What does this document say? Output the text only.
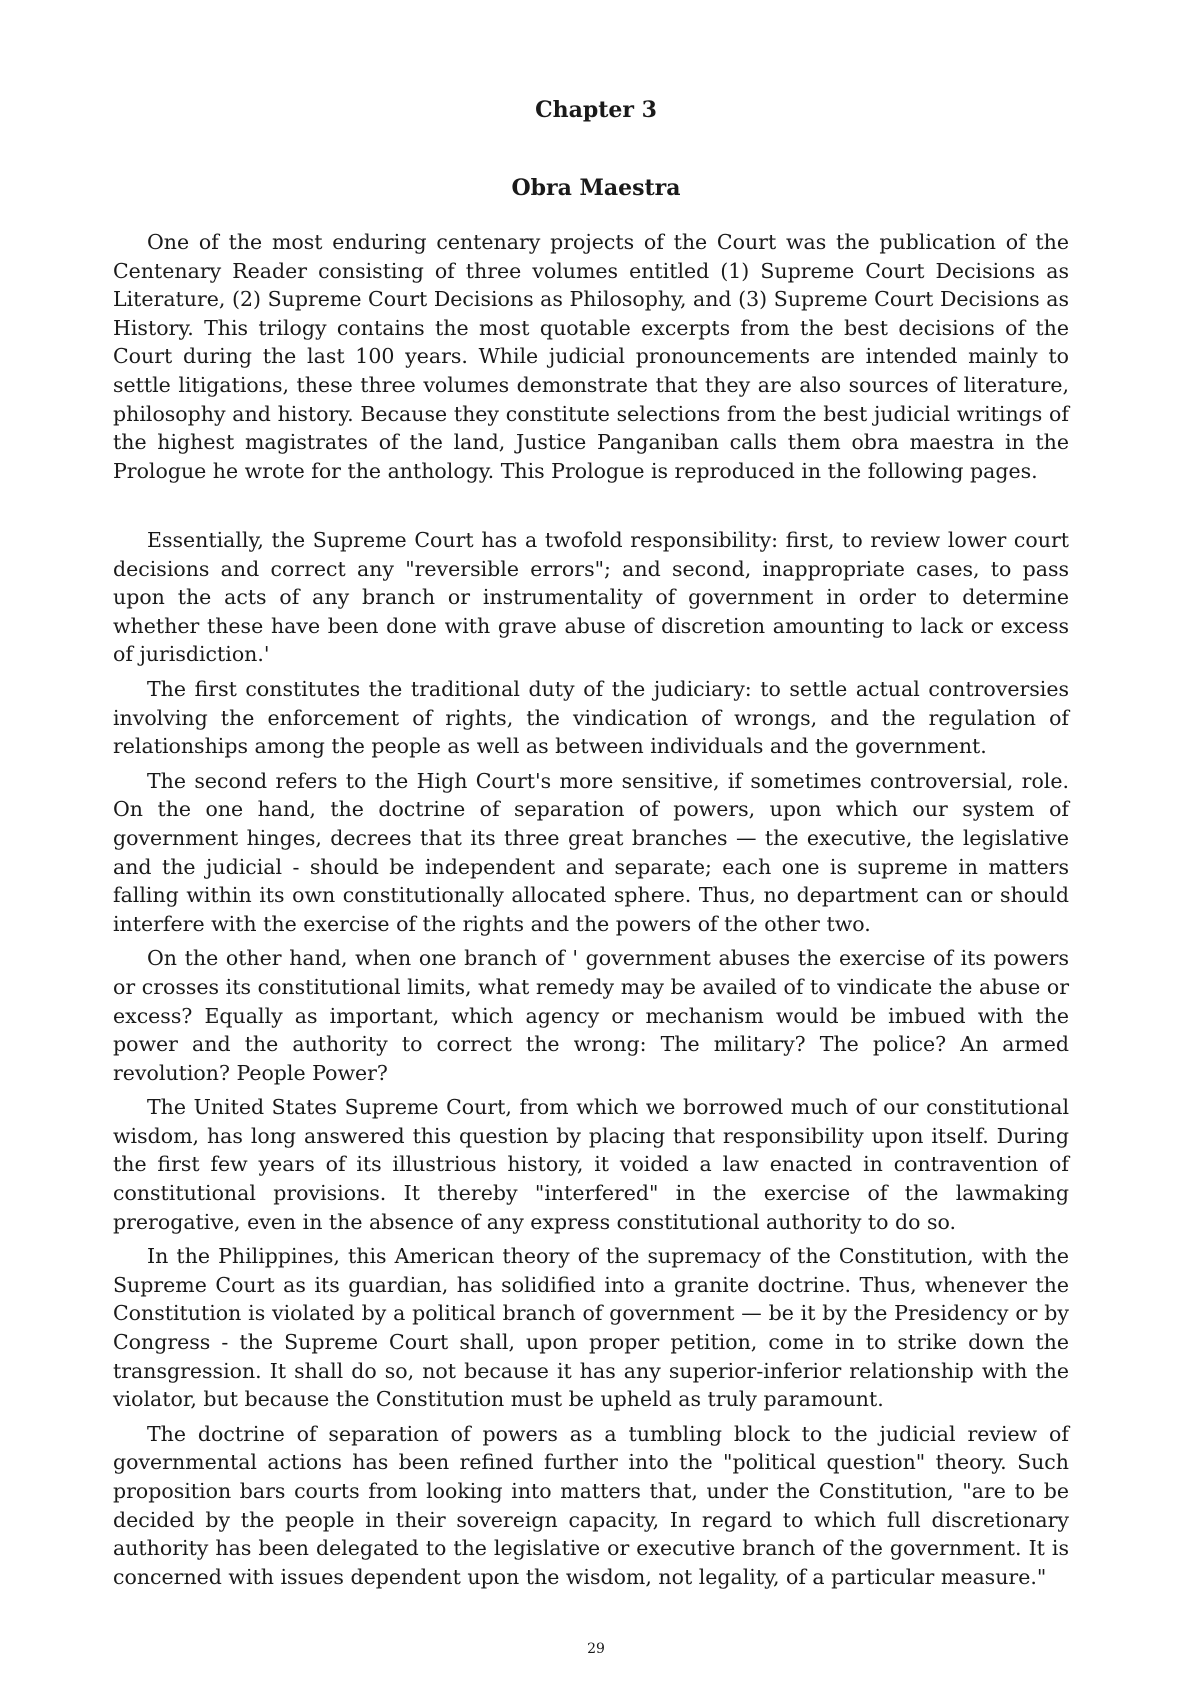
Chapter 3
Obra Maestra

One of the most enduring centenary projects of the Court was the publication of the Centenary Reader consisting of three volumes entitled (1) Supreme Court Decisions as Literature, (2) Supreme Court Decisions as Philosophy, and (3) Supreme Court Decisions as History. This trilogy contains the most quotable excerpts from the best decisions of the Court during the last 100 years. While judicial pronouncements are intended mainly to settle litigations, these three volumes demonstrate that they are also sources of literature, philosophy and history. Because they constitute selections from the best judicial writings of the highest magistrates of the land, Justice Panganiban calls them obra maestra in the Prologue he wrote for the anthology. This Prologue is reproduced in the following pages.

Essentially, the Supreme Court has a twofold responsibility: first, to review lower court decisions and correct any "reversible errors"; and second, inappropriate cases, to pass upon the acts of any branch or instrumentality of government in order to determine whether these have been done with grave abuse of discretion amounting to lack or excess of jurisdiction.'

The first constitutes the traditional duty of the judiciary: to settle actual controversies involving the enforcement of rights, the vindication of wrongs, and the regulation of relationships among the people as well as between individuals and the government.

The second refers to the High Court's more sensitive, if sometimes controversial, role. On the one hand, the doctrine of separation of powers, upon which our system of government hinges, decrees that its three great branches — the executive, the legislative and the judicial - should be independent and separate; each one is supreme in matters falling within its own constitutionally allocated sphere. Thus, no department can or should interfere with the exercise of the rights and the powers of the other two.

On the other hand, when one branch of ' government abuses the exercise of its powers or crosses its constitutional limits, what remedy may be availed of to vindicate the abuse or excess? Equally as important, which agency or mechanism would be imbued with the power and the authority to correct the wrong: The military? The police? An armed revolution? People Power?

The United States Supreme Court, from which we borrowed much of our constitutional wisdom, has long answered this question by placing that responsibility upon itself. During the first few years of its illustrious history, it voided a law enacted in contravention of constitutional provisions. It thereby "interfered" in the exercise of the lawmaking prerogative, even in the absence of any express constitutional authority to do so.

In the Philippines, this American theory of the supremacy of the Constitution, with the Supreme Court as its guardian, has solidified into a granite doctrine. Thus, whenever the Constitution is violated by a political branch of government — be it by the Presidency or by Congress - the Supreme Court shall, upon proper petition, come in to strike down the transgression. It shall do so, not because it has any superior-inferior relationship with the violator, but because the Constitution must be upheld as truly paramount.

The doctrine of separation of powers as a tumbling block to the judicial review of governmental actions has been refined further into the "political question" theory. Such proposition bars courts from looking into matters that, under the Constitution, "are to be decided by the people in their sovereign capacity, In regard to which full discretionary authority has been delegated to the legislative or executive branch of the government. It is concerned with issues dependent upon the wisdom, not legality, of a particular measure."

29
